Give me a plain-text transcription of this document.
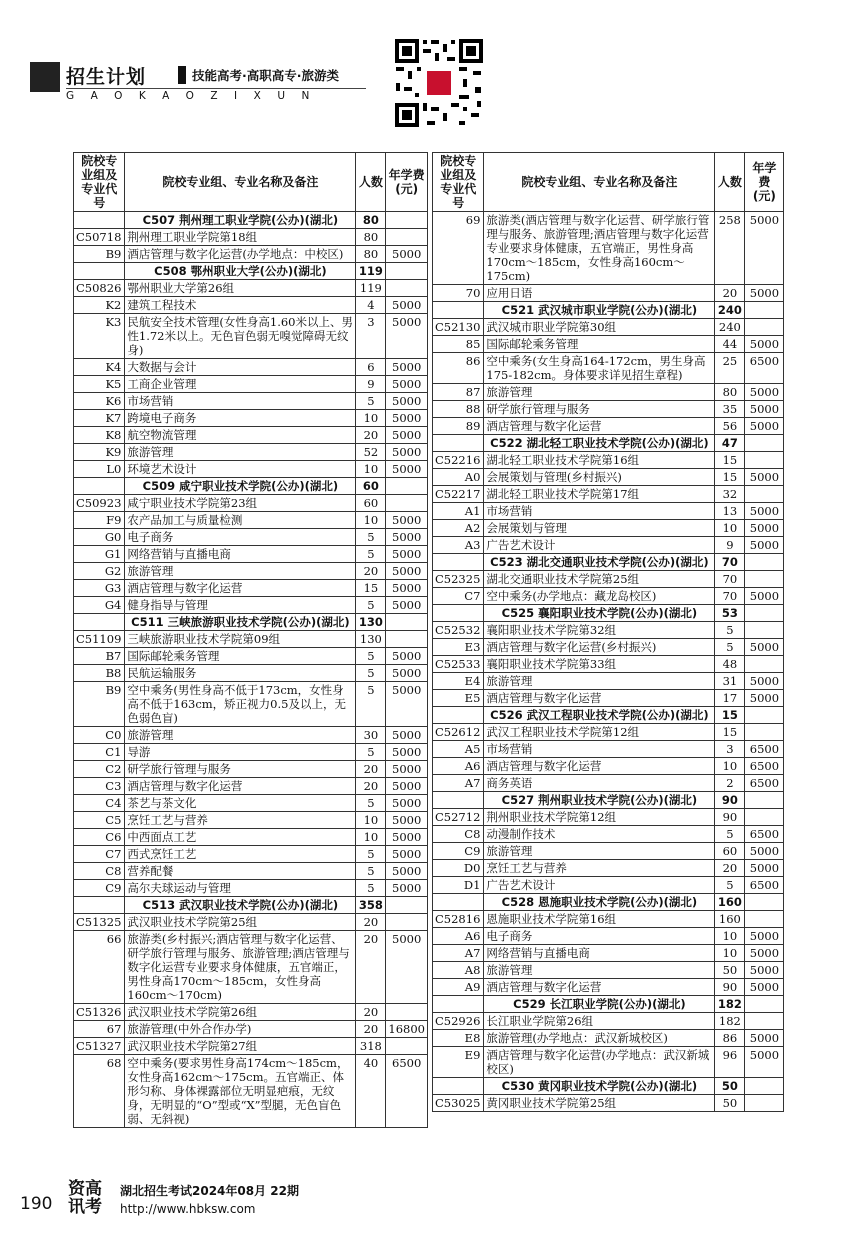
招生计划	技能高考·高职高专·旅游类
GAOKAOZIXUN
院校专业组及专业代号	院校专业组、专业名称及备注	人数	年学费(元)
	C507 荆州理工职业学院(公办)(湖北)	80	
C50718	荆州理工职业学院第18组	80	
B9	酒店管理与数字化运营(办学地点：中校区)	80	5000
	C508 鄂州职业大学(公办)(湖北)	119	
C50826	鄂州职业大学第26组	119	
K2	建筑工程技术	4	5000
K3	民航安全技术管理(女性身高1.60米以上、男性1.72米以上。无色盲色弱无嗅觉障碍无纹身)	3	5000
K4	大数据与会计	6	5000
K5	工商企业管理	9	5000
K6	市场营销	5	5000
K7	跨境电子商务	10	5000
K8	航空物流管理	20	5000
K9	旅游管理	52	5000
L0	环境艺术设计	10	5000
	C509 咸宁职业技术学院(公办)(湖北)	60	
C50923	咸宁职业技术学院第23组	60	
F9	农产品加工与质量检测	10	5000
G0	电子商务	5	5000
G1	网络营销与直播电商	5	5000
G2	旅游管理	20	5000
G3	酒店管理与数字化运营	15	5000
G4	健身指导与管理	5	5000
	C511 三峡旅游职业技术学院(公办)(湖北)	130	
C51109	三峡旅游职业技术学院第09组	130	
B7	国际邮轮乘务管理	5	5000
B8	民航运输服务	5	5000
B9	空中乘务(男性身高不低于173cm，女性身高不低于163cm，矫正视力0.5及以上，无色弱色盲)	5	5000
C0	旅游管理	30	5000
C1	导游	5	5000
C2	研学旅行管理与服务	20	5000
C3	酒店管理与数字化运营	20	5000
C4	茶艺与茶文化	5	5000
C5	烹饪工艺与营养	10	5000
C6	中西面点工艺	10	5000
C7	西式烹饪工艺	5	5000
C8	营养配餐	5	5000
C9	高尔夫球运动与管理	5	5000
	C513 武汉职业技术学院(公办)(湖北)	358	
C51325	武汉职业技术学院第25组	20	
66	旅游类(乡村振兴;酒店管理与数字化运营、研学旅行管理与服务、旅游管理;酒店管理与数字化运营专业要求身体健康，五官端正，男性身高170cm～185cm，女性身高160cm～170cm)	20	5000
C51326	武汉职业技术学院第26组	20	
67	旅游管理(中外合作办学)	20	16800
C51327	武汉职业技术学院第27组	318	
68	空中乘务(要求男性身高174cm～185cm，女性身高162cm～175cm。五官端正、体形匀称、身体裸露部位无明显疤痕，无纹身，无明显的“O”型或“X”型腿，无色盲色弱、无斜视)	40	6500
院校专业组及专业代号	院校专业组、专业名称及备注	人数	年学费(元)
69	旅游类(酒店管理与数字化运营、研学旅行管理与服务、旅游管理;酒店管理与数字化运营专业要求身体健康，五官端正，男性身高170cm～185cm，女性身高160cm～175cm)	258	5000
70	应用日语	20	5000
	C521 武汉城市职业学院(公办)(湖北)	240	
C52130	武汉城市职业学院第30组	240	
85	国际邮轮乘务管理	44	5000
86	空中乘务(女生身高164-172cm，男生身高175-182cm。身体要求详见招生章程)	25	6500
87	旅游管理	80	5000
88	研学旅行管理与服务	35	5000
89	酒店管理与数字化运营	56	5000
	C522 湖北轻工职业技术学院(公办)(湖北)	47	
C52216	湖北轻工职业技术学院第16组	15	
A0	会展策划与管理(乡村振兴)	15	5000
C52217	湖北轻工职业技术学院第17组	32	
A1	市场营销	13	5000
A2	会展策划与管理	10	5000
A3	广告艺术设计	9	5000
	C523 湖北交通职业技术学院(公办)(湖北)	70	
C52325	湖北交通职业技术学院第25组	70	
C7	空中乘务(办学地点：藏龙岛校区)	70	5000
	C525 襄阳职业技术学院(公办)(湖北)	53	
C52532	襄阳职业技术学院第32组	5	
E3	酒店管理与数字化运营(乡村振兴)	5	5000
C52533	襄阳职业技术学院第33组	48	
E4	旅游管理	31	5000
E5	酒店管理与数字化运营	17	5000
	C526 武汉工程职业技术学院(公办)(湖北)	15	
C52612	武汉工程职业技术学院第12组	15	
A5	市场营销	3	6500
A6	酒店管理与数字化运营	10	6500
A7	商务英语	2	6500
	C527 荆州职业技术学院(公办)(湖北)	90	
C52712	荆州职业技术学院第12组	90	
C8	动漫制作技术	5	6500
C9	旅游管理	60	5000
D0	烹饪工艺与营养	20	5000
D1	广告艺术设计	5	6500
	C528 恩施职业技术学院(公办)(湖北)	160	
C52816	恩施职业技术学院第16组	160	
A6	电子商务	10	5000
A7	网络营销与直播电商	10	5000
A8	旅游管理	50	5000
A9	酒店管理与数字化运营	90	5000
	C529 长江职业学院(公办)(湖北)	182	
C52926	长江职业学院第26组	182	
E8	旅游管理(办学地点：武汉新城校区)	86	5000
E9	酒店管理与数字化运营(办学地点：武汉新城校区)	96	5000
	C530 黄冈职业技术学院(公办)(湖北)	50	
C53025	黄冈职业技术学院第25组	50	
190
资高讯考
湖北招生考试2024年08月 22期
http://www.hbksw.com
